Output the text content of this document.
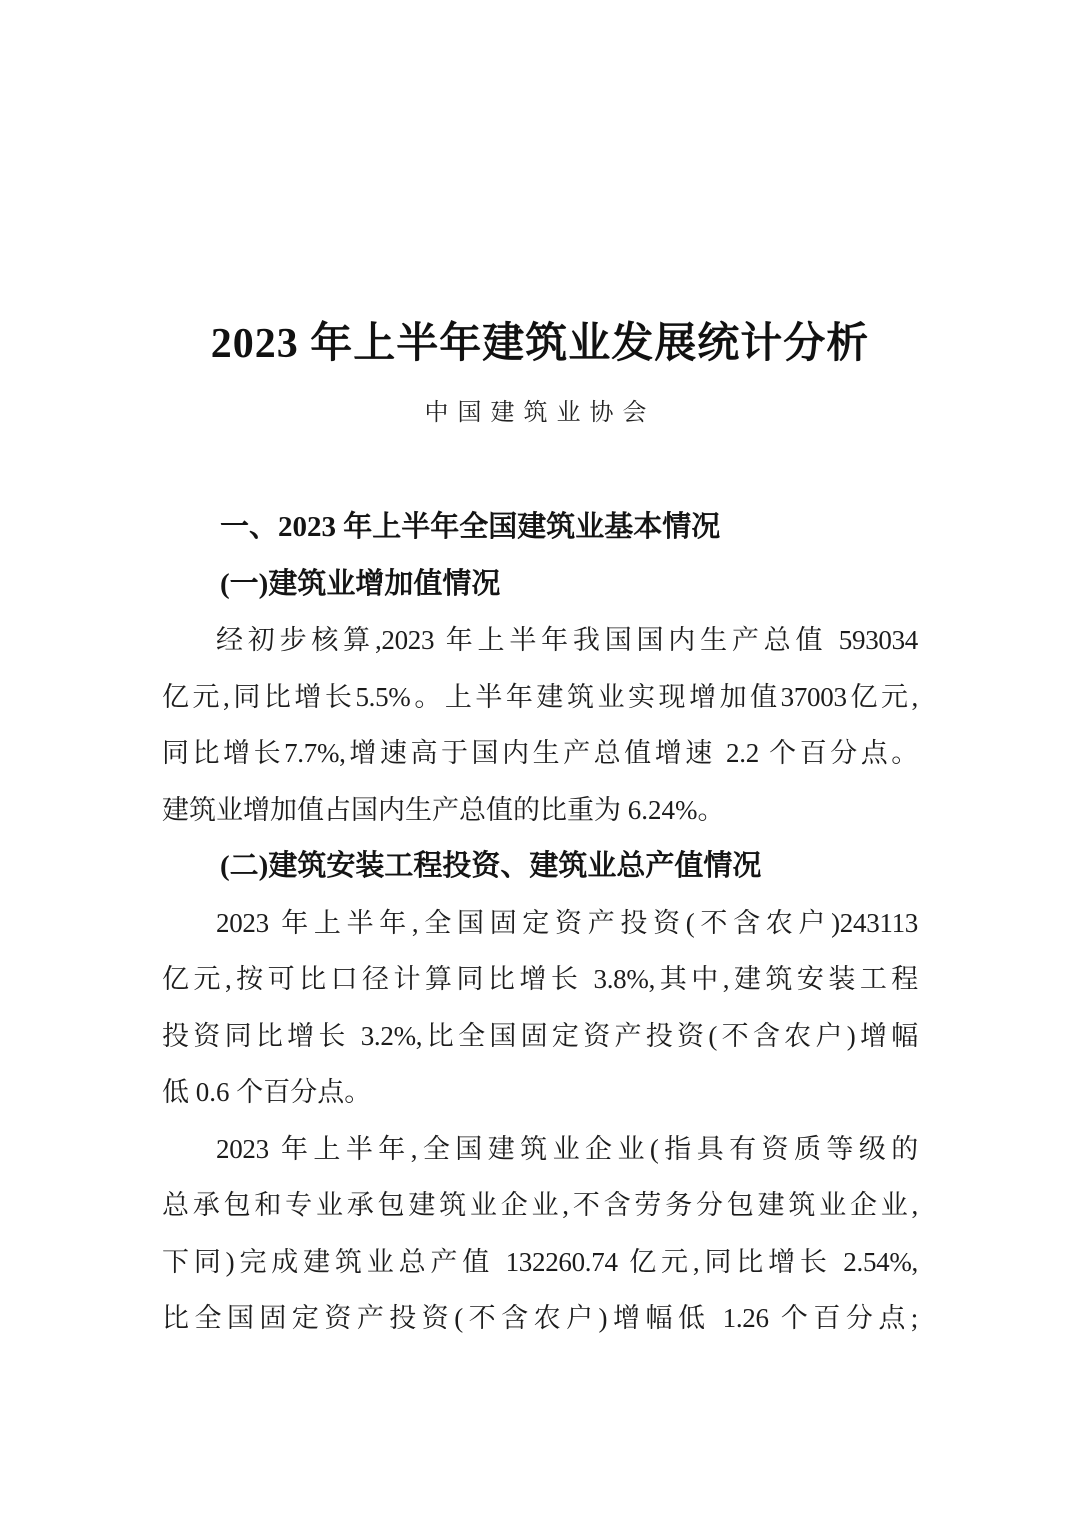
2023 年上半年建筑业发展统计分析
中国建筑业协会
一、2023 年上半年全国建筑业基本情况
(一)建筑业增加值情况
经初步核算,2023 年上半年我国国内生产总值 593034
亿元,同比增长5.5%。上半年建筑业实现增加值37003亿元,
同比增长7.7%,增速高于国内生产总值增速 2.2 个百分点。
建筑业增加值占国内生产总值的比重为 6.24%。
(二)建筑安装工程投资、建筑业总产值情况
2023 年上半年,全国固定资产投资(不含农户)243113
亿元,按可比口径计算同比增长 3.8%,其中,建筑安装工程
投资同比增长 3.2%,比全国固定资产投资(不含农户)增幅
低 0.6 个百分点。
2023 年上半年,全国建筑业企业(指具有资质等级的
总承包和专业承包建筑业企业,不含劳务分包建筑业企业,
下同)完成建筑业总产值 132260.74 亿元,同比增长 2.54%,
比全国固定资产投资(不含农户)增幅低 1.26 个百分点;
